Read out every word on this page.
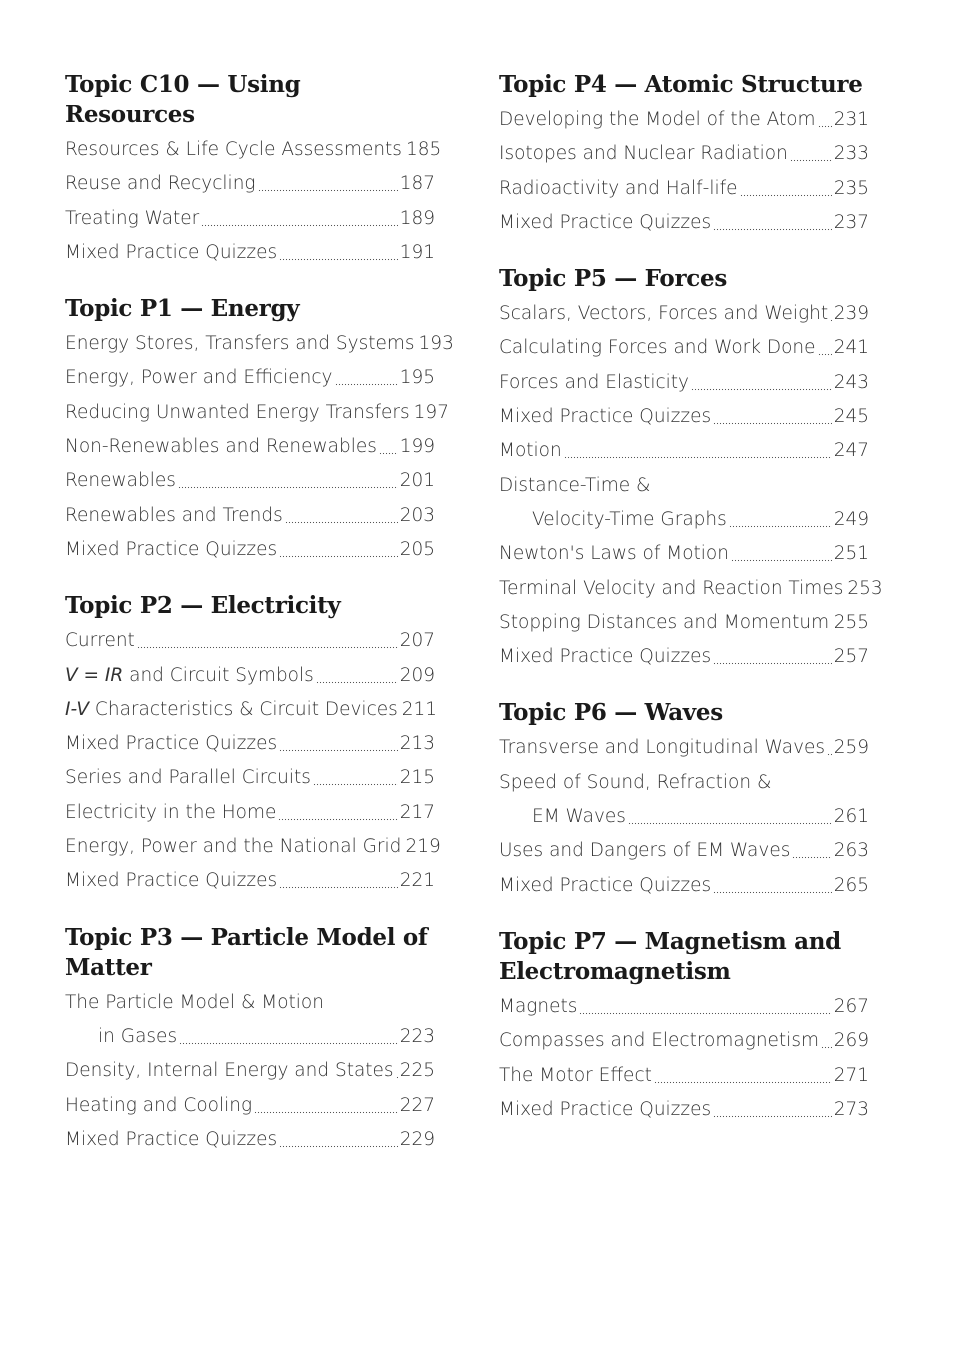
Topic C10 — Using Resources
Resources & Life Cycle Assessments 185
Reuse and Recycling	187
Treating Water	189
Mixed Practice Quizzes	191
Topic P1 — Energy
Energy Stores, Transfers and Systems 193
Energy, Power and Efficiency	195
Reducing Unwanted Energy Transfers 197
Non-Renewables and Renewables 199
Renewables	201
Renewables and Trends	203
Mixed Practice Quizzes	205
Topic P2 — Electricity
Current	207
V = IR and Circuit Symbols	209
I-V Characteristics & Circuit Devices 211
Mixed Practice Quizzes	213
Series and Parallel Circuits	215
Electricity in the Home	217
Energy, Power and the National Grid 219
Mixed Practice Quizzes	221
Topic P3 — Particle Model of Matter
The Particle Model & Motion
in Gases	223
Density, Internal Energy and States 225
Heating and Cooling	227
Mixed Practice Quizzes	229
Topic P4 — Atomic Structure
Developing the Model of the Atom 231
Isotopes and Nuclear Radiation 233
Radioactivity and Half-life	235
Mixed Practice Quizzes	237
Topic P5 — Forces
Scalars, Vectors, Forces and Weight 239
Calculating Forces and Work Done 241
Forces and Elasticity	243
Mixed Practice Quizzes	245
Motion	247
Distance-Time &
Velocity-Time Graphs	249
Newton's Laws of Motion	251
Terminal Velocity and Reaction Times 253
Stopping Distances and Momentum 255
Mixed Practice Quizzes	257
Topic P6 — Waves
Transverse and Longitudinal Waves 259
Speed of Sound, Refraction &
EM Waves	261
Uses and Dangers of EM Waves 263
Mixed Practice Quizzes	265
Topic P7 — Magnetism and Electromagnetism
Magnets	267
Compasses and Electromagnetism 269
The Motor Effect	271
Mixed Practice Quizzes	273
